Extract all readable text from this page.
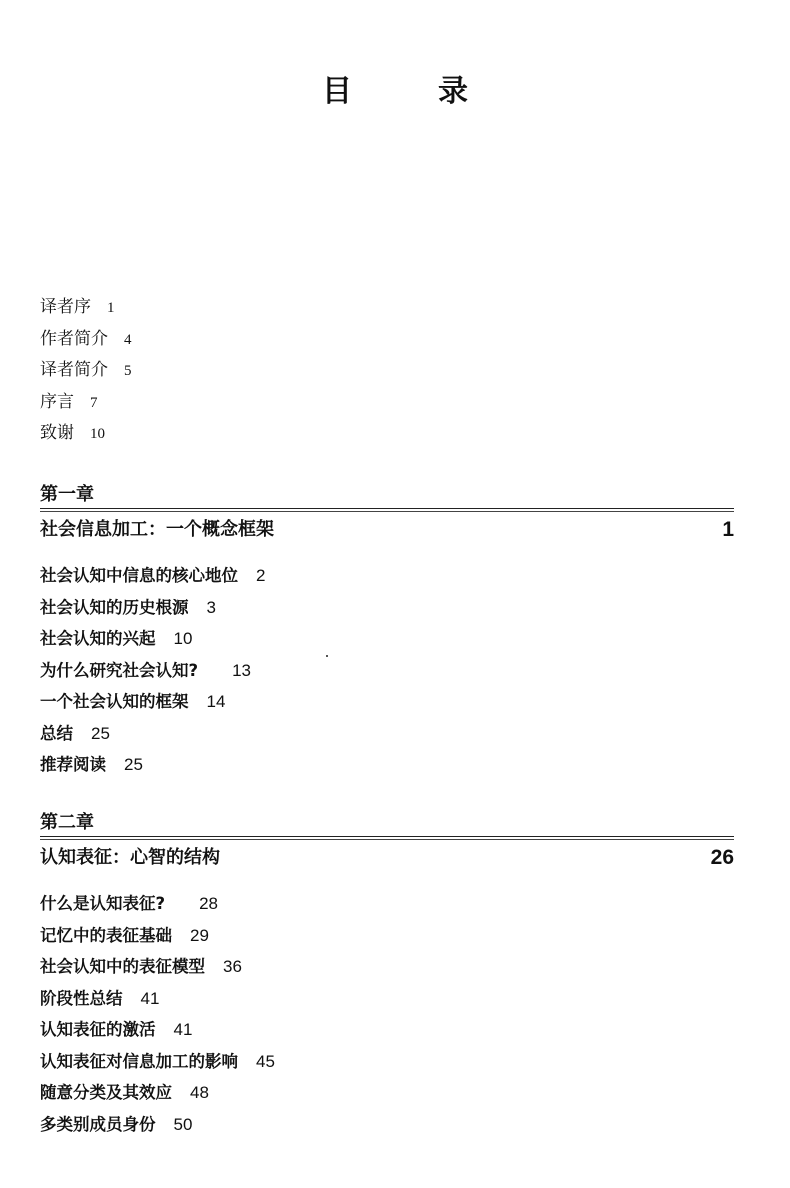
目　录
译者序 1
作者简介 4
译者简介 5
序言 7
致谢 10
第一章
社会信息加工：一个概念框架	1
社会认知中信息的核心地位 2
社会认知的历史根源 3
社会认知的兴起 10
为什么研究社会认知? 13
一个社会认知的框架 14
总结 25
推荐阅读 25
第二章
认知表征：心智的结构	26
什么是认知表征? 28
记忆中的表征基础 29
社会认知中的表征模型 36
阶段性总结 41
认知表征的激活 41
认知表征对信息加工的影响 45
随意分类及其效应 48
多类别成员身份 50
